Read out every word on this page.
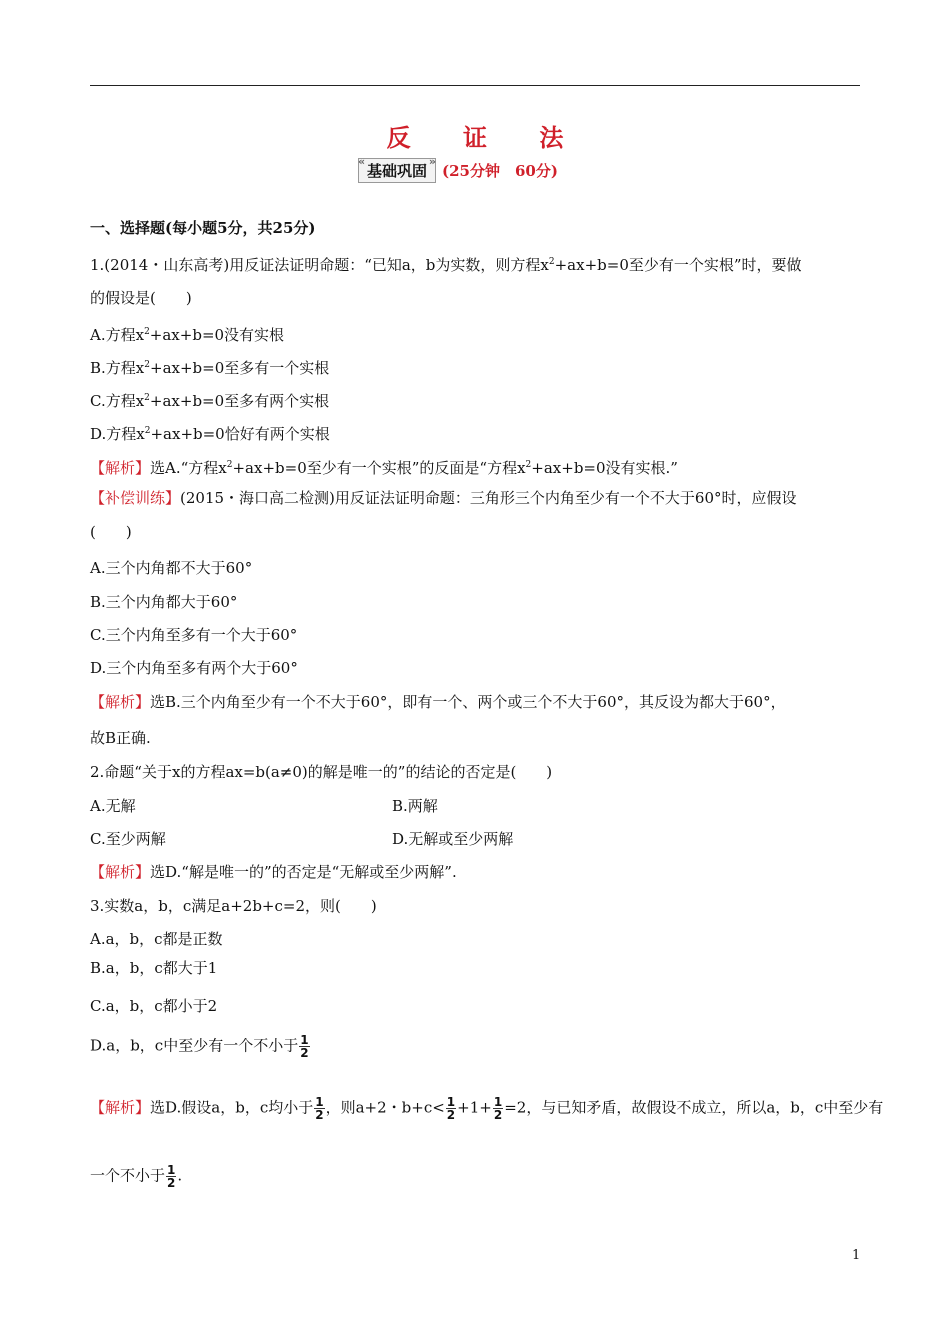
反 证 法
« 基础巩固 »	(25分钟　60分)
一、选择题(每小题5分，共25分)
1.(2014・山东高考)用反证法证明命题：“已知a，b为实数，则方程$x^2+ax+b=0$至少有一个实根”时，要做
的假设是(　　)
A.方程$x^2+ax+b=0$没有实根
B.方程$x^2+ax+b=0$至多有一个实根
C.方程$x^2+ax+b=0$至多有两个实根
D.方程$x^2+ax+b=0$恰好有两个实根
【解析】选A.“方程$x^2+ax+b=0$至少有一个实根”的反面是“方程$x^2+ax+b=0$没有实根.”
【补偿训练】(2015・海口高二检测)用反证法证明命题：三角形三个内角至少有一个不大于60°时，应假设
(　　)
A.三个内角都不大于60°
B.三个内角都大于60°
C.三个内角至多有一个大于60°
D.三个内角至多有两个大于60°
【解析】选B.三个内角至少有一个不大于60°，即有一个、两个或三个不大于60°，其反设为都大于60°，
故B正确.
2.命题“关于x的方程ax=b(a≠0)的解是唯一的”的结论的否定是(　　)
A.无解	B.两解
C.至少两解	D.无解或至少两解
【解析】选D.“解是唯一的”的否定是“无解或至少两解”.
3.实数a，b，c满足a+2b+c=2，则(　　)
A.a，b，c都是正数
B.a，b，c都大于1
C.a，b，c都小于2
D.a，b，c中至少有一个不小于 $\frac{1}{2}$
【解析】选D.假设a，b，c均小于 $\frac{1}{2}$ ，则a+2・$b+c< \frac{1}{2} +1+ \frac{1}{2} =2$，与已知矛盾，故假设不成立，所以a，b，c中至少有
一个不小于 $\frac{1}{2}$ .
1
